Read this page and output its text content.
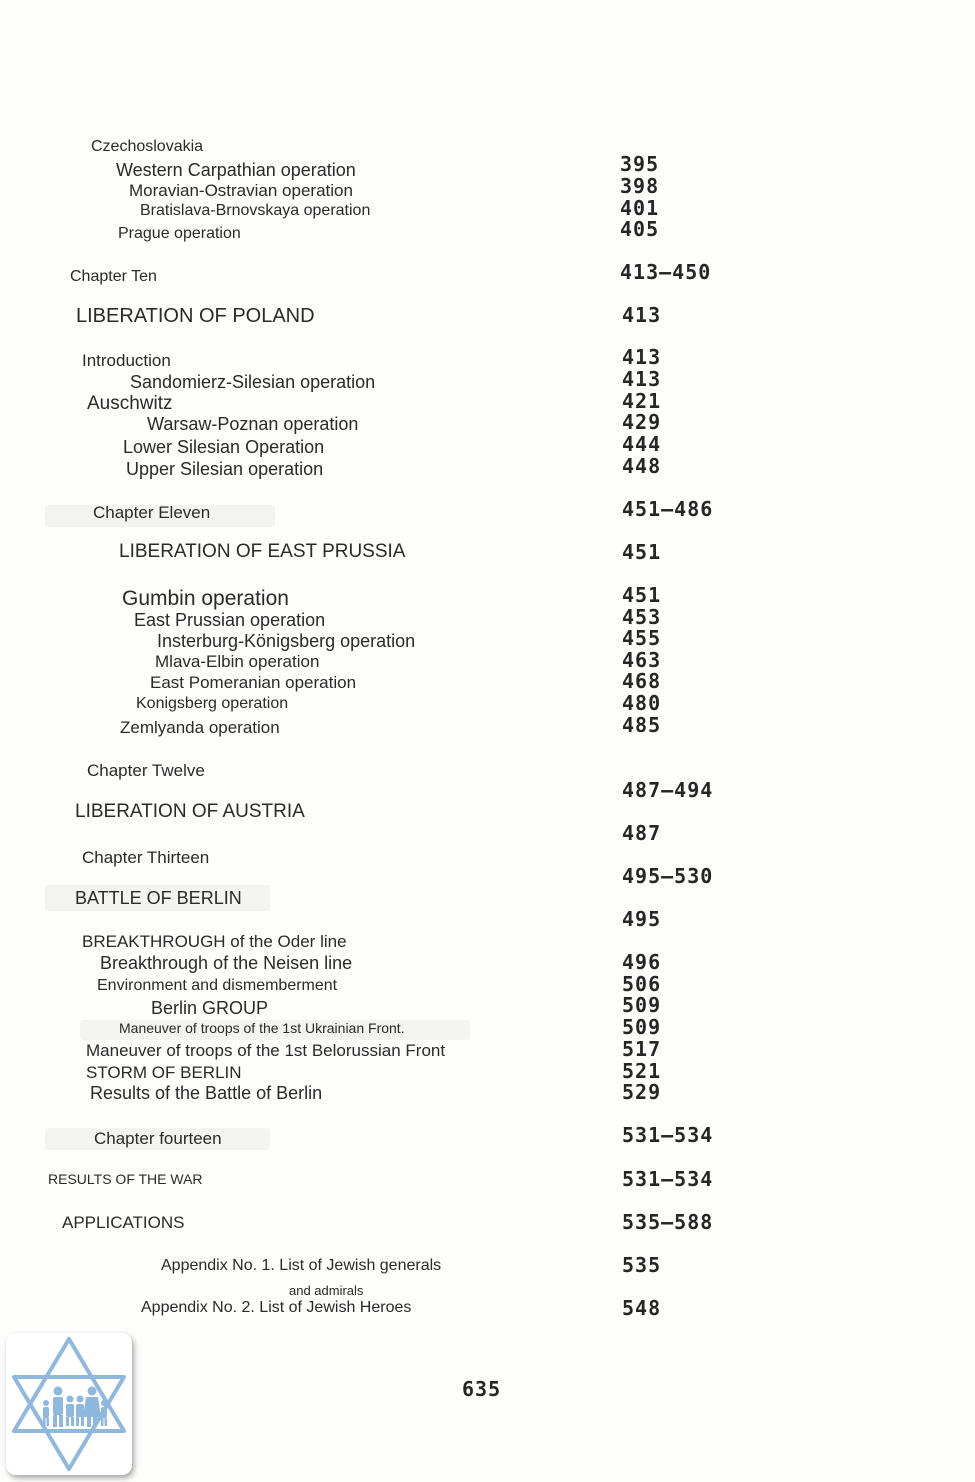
Czechoslovakia
Western Carpathian operation
Moravian-Ostravian operation
Bratislava-Brnovskaya operation
Prague operation
Chapter Ten
LIBERATION OF POLAND
Introduction
Sandomierz-Silesian operation
Auschwitz
Warsaw-Poznan operation
Lower Silesian Operation
Upper Silesian operation
Chapter Eleven
LIBERATION OF EAST PRUSSIA
Gumbin operation
East Prussian operation
Insterburg-Königsberg operation
Mlava-Elbin operation
East Pomeranian operation
Konigsberg operation
Zemlyanda operation
Chapter Twelve
LIBERATION OF AUSTRIA
Chapter Thirteen
BATTLE OF BERLIN
BREAKTHROUGH of the Oder line
Breakthrough of the Neisen line
Environment and dismemberment
Berlin GROUP
Maneuver of troops of the 1st Ukrainian Front.
Maneuver of troops of the 1st Belorussian Front
STORM OF BERLIN
Results of the Battle of Berlin
Chapter fourteen
RESULTS OF THE WAR
APPLICATIONS
Appendix No. 1. List of Jewish generals
and admirals
Appendix No. 2. List of Jewish Heroes
395
398
401
405
413–450
413
413
413
421
429
444
448
451–486
451
451
453
455
463
468
480
485
487–494
487
495–530
495
496
506
509
509
517
521
529
531–534
531–534
535–588
535
548
635
